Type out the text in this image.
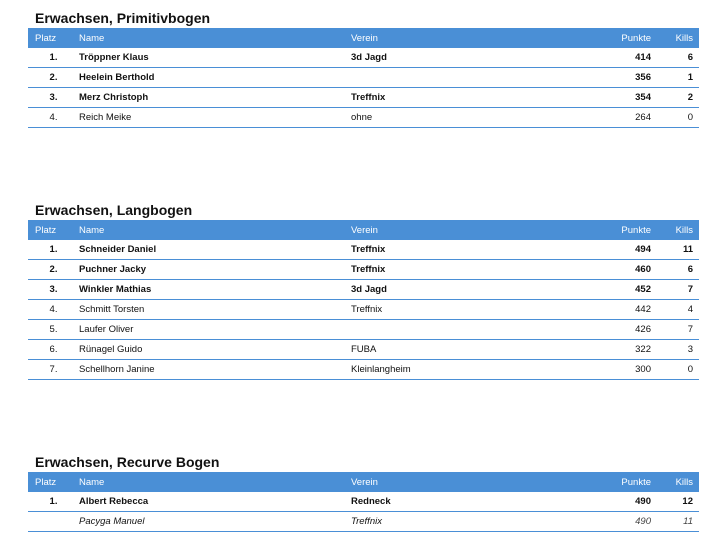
Erwachsen, Primitivbogen
Platz	Name	Verein	Punkte	Kills
1.	Tröppner Klaus	3d Jagd	414	6
2.	Heelein Berthold		356	1
3.	Merz Christoph	Treffnix	354	2
4.	Reich Meike	ohne	264	0
Erwachsen, Langbogen
Platz	Name	Verein	Punkte	Kills
1.	Schneider Daniel	Treffnix	494	11
2.	Puchner Jacky	Treffnix	460	6
3.	Winkler Mathias	3d Jagd	452	7
4.	Schmitt Torsten	Treffnix	442	4
5.	Laufer Oliver		426	7
6.	Rünagel Guido	FUBA	322	3
7.	Schellhorn Janine	Kleinlangheim	300	0
Erwachsen, Recurve Bogen
Platz	Name	Verein	Punkte	Kills
1.	Albert Rebecca	Redneck	490	12
	Pacyga Manuel	Treffnix	490	11
